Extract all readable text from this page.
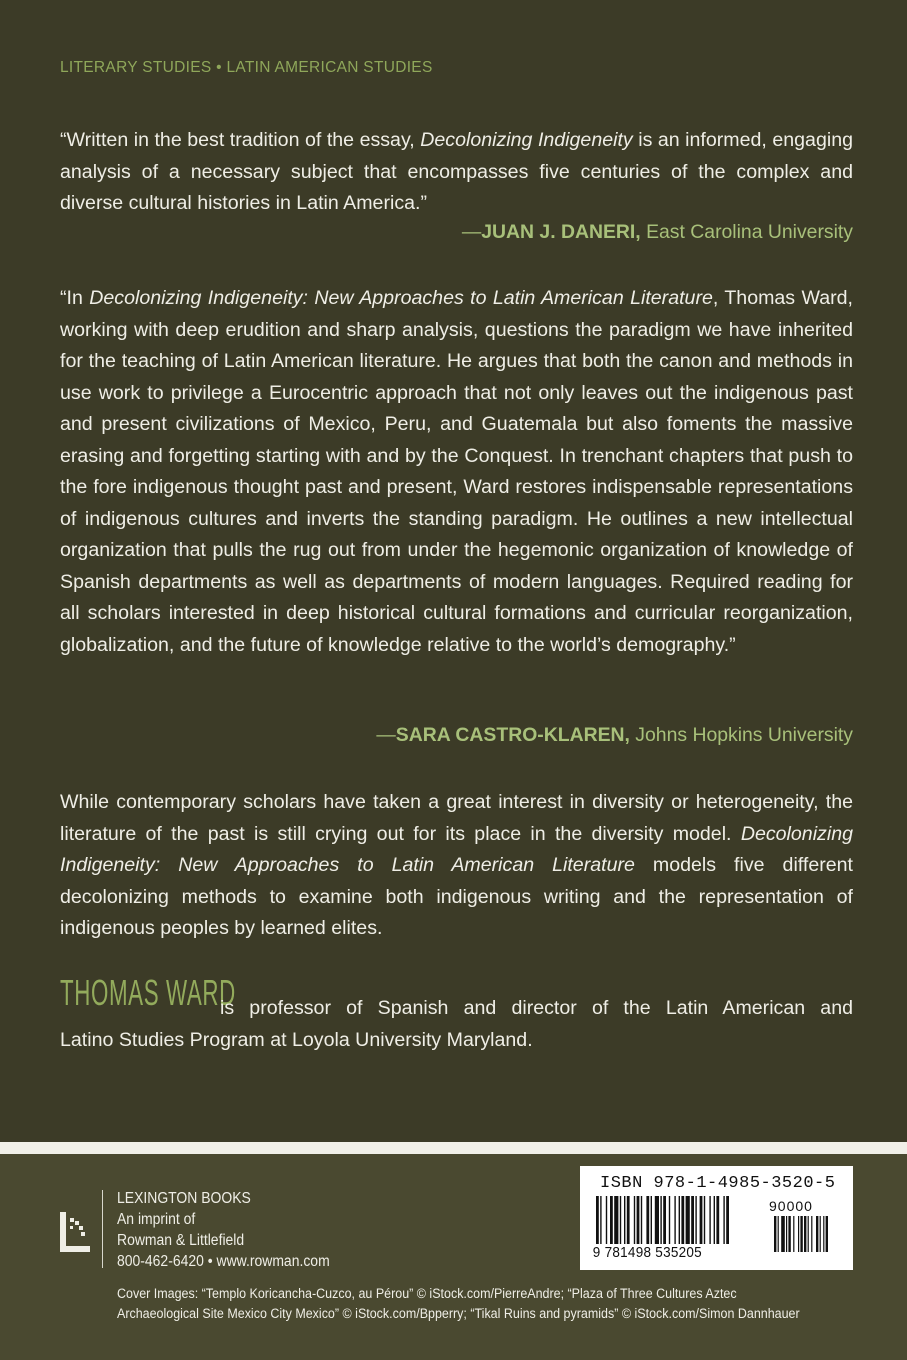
LITERARY STUDIES • LATIN AMERICAN STUDIES
“Written in the best tradition of the essay, Decolonizing Indigeneity is an informed, engaging analysis of a necessary subject that encompasses five centuries of the complex and diverse cultural histories in Latin America.”
—JUAN J. DANERI, East Carolina University
“In Decolonizing Indigeneity: New Approaches to Latin American Literature, Thomas Ward, working with deep erudition and sharp analysis, questions the paradigm we have inherited for the teaching of Latin American literature. He argues that both the canon and methods in use work to privilege a Eurocentric approach that not only leaves out the indigenous past and present civilizations of Mexico, Peru, and Guatemala but also foments the massive erasing and forgetting starting with and by the Conquest. In trenchant chapters that push to the fore indigenous thought past and present, Ward restores indispensable representations of indigenous cultures and inverts the standing paradigm. He outlines a new intellectual organization that pulls the rug out from under the hegemonic organization of knowledge of Spanish departments as well as departments of modern languages. Required reading for all scholars interested in deep historical cultural formations and curricular reorganization, globalization, and the future of knowledge relative to the world’s demography.”
—SARA CASTRO-KLAREN, Johns Hopkins University
While contemporary scholars have taken a great interest in diversity or heterogeneity, the literature of the past is still crying out for its place in the diversity model. Decolonizing Indigeneity: New Approaches to Latin American Literature models five different decolonizing methods to examine both indigenous writing and the representation of indigenous peoples by learned elites.
THOMAS WARD
is professor of Spanish and director of the Latin American and
Latino Studies Program at Loyola University Maryland.
LEXINGTON BOOKS
An imprint of
Rowman & Littlefield
800-462-6420 • www.rowman.com
ISBN 978-1-4985-3520-5
90000
9 781498 535205
Cover Images: “Templo Koricancha-Cuzco, au Pérou” © iStock.com/PierreAndre; “Plaza of Three Cultures Aztec
Archaeological Site Mexico City Mexico” © iStock.com/Bpperry; “Tikal Ruins and pyramids” © iStock.com/Simon Dannhauer
